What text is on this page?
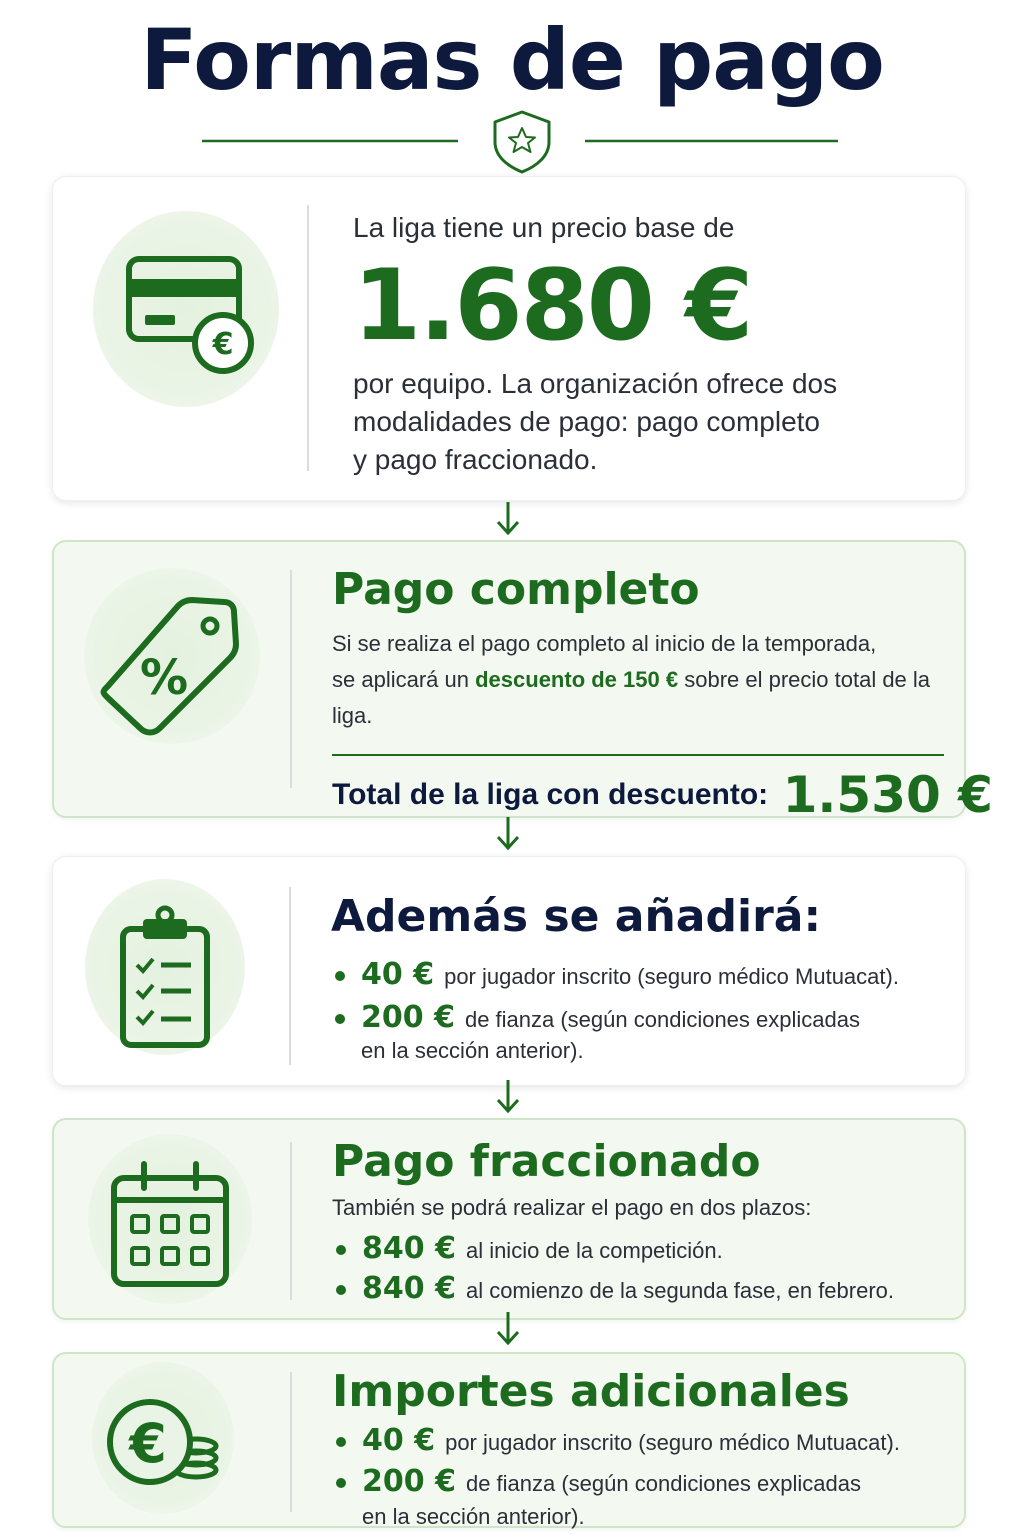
Formas de pago
€
La liga tiene un precio base de
1.680 €
por equipo. La organización ofrece dos
modalidades de pago: pago completo
y pago fraccionado.
%
Pago completo
Si se realiza el pago completo al inicio de la temporada,
se aplicará un descuento de 150 € sobre el precio total de la liga.
Total de la liga con descuento: 1.530 €
Además se añadirá:
40 € por jugador inscrito (seguro médico Mutuacat).
200 € de fianza (según condiciones explicadas
en la sección anterior).
Pago fraccionado
También se podrá realizar el pago en dos plazos:
840 € al inicio de la competición.
840 € al comienzo de la segunda fase, en febrero.
€
Importes adicionales
40 € por jugador inscrito (seguro médico Mutuacat).
200 € de fianza (según condiciones explicadas
en la sección anterior).
